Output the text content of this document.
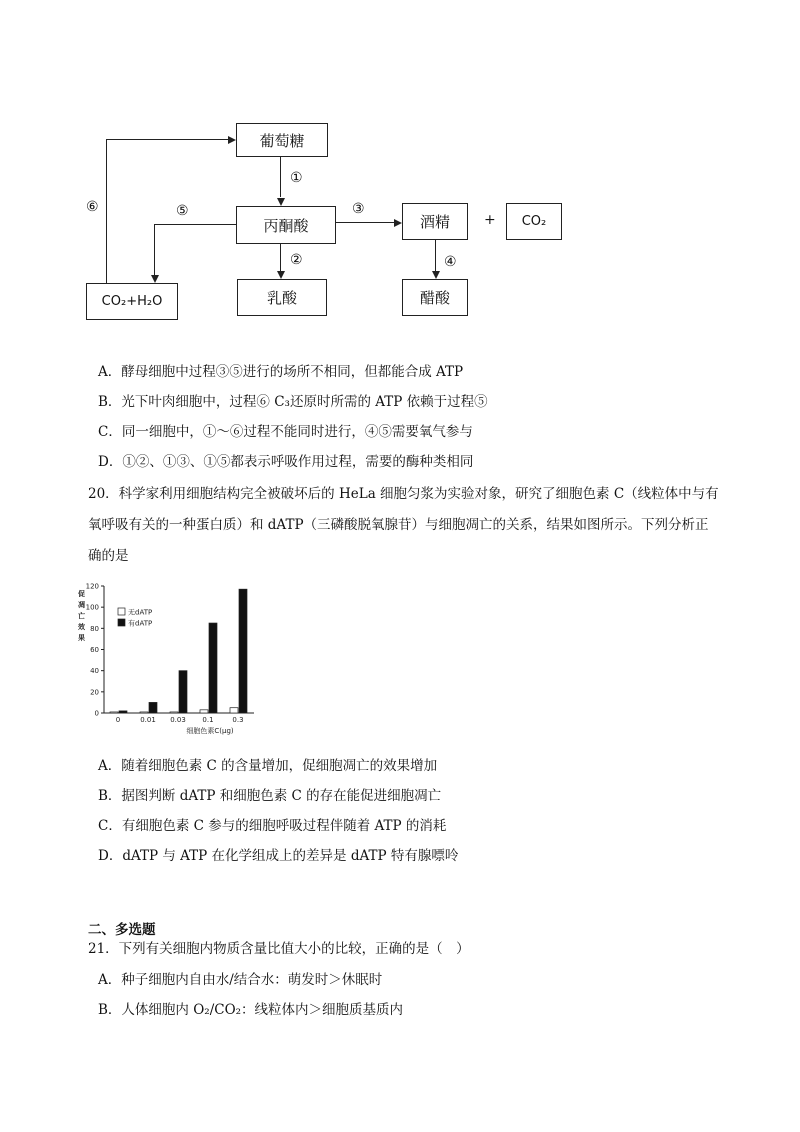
葡萄糖
丙酮酸	酒精	+	CO₂
CO₂+H₂O	乳酸	醋酸
①
②
③
④
⑤
⑥
A．酵母细胞中过程③⑤进行的场所不相同，但都能合成 ATP
B．光下叶肉细胞中，过程⑥ C₃还原时所需的 ATP 依赖于过程⑤
C．同一细胞中，①～⑥过程不能同时进行，④⑤需要氧气参与
D．①②、①③、①⑤都表示呼吸作用过程，需要的酶种类相同
20．科学家利用细胞结构完全被破坏后的 HeLa 细胞匀浆为实验对象，研究了细胞色素 C（线粒体中与有
氧呼吸有关的一种蛋白质）和 dATP（三磷酸脱氧腺苷）与细胞凋亡的关系，结果如图所示。下列分析正
确的是
0
20
40
60
80
100
120
促
凋
亡
效
果
0	0.01 0.03 0.1	0.3
细胞色素C(μg)
无dATP
有dATP
A．随着细胞色素 C 的含量增加，促细胞凋亡的效果增加
B．据图判断 dATP 和细胞色素 C 的存在能促进细胞凋亡
C．有细胞色素 C 参与的细胞呼吸过程伴随着 ATP 的消耗
D．dATP 与 ATP 在化学组成上的差异是 dATP 特有腺嘌呤
二、多选题
21．下列有关细胞内物质含量比值大小的比较，正确的是（　）
A．种子细胞内自由水/结合水：萌发时＞休眠时
B．人体细胞内 O₂/CO₂：线粒体内＞细胞质基质内
